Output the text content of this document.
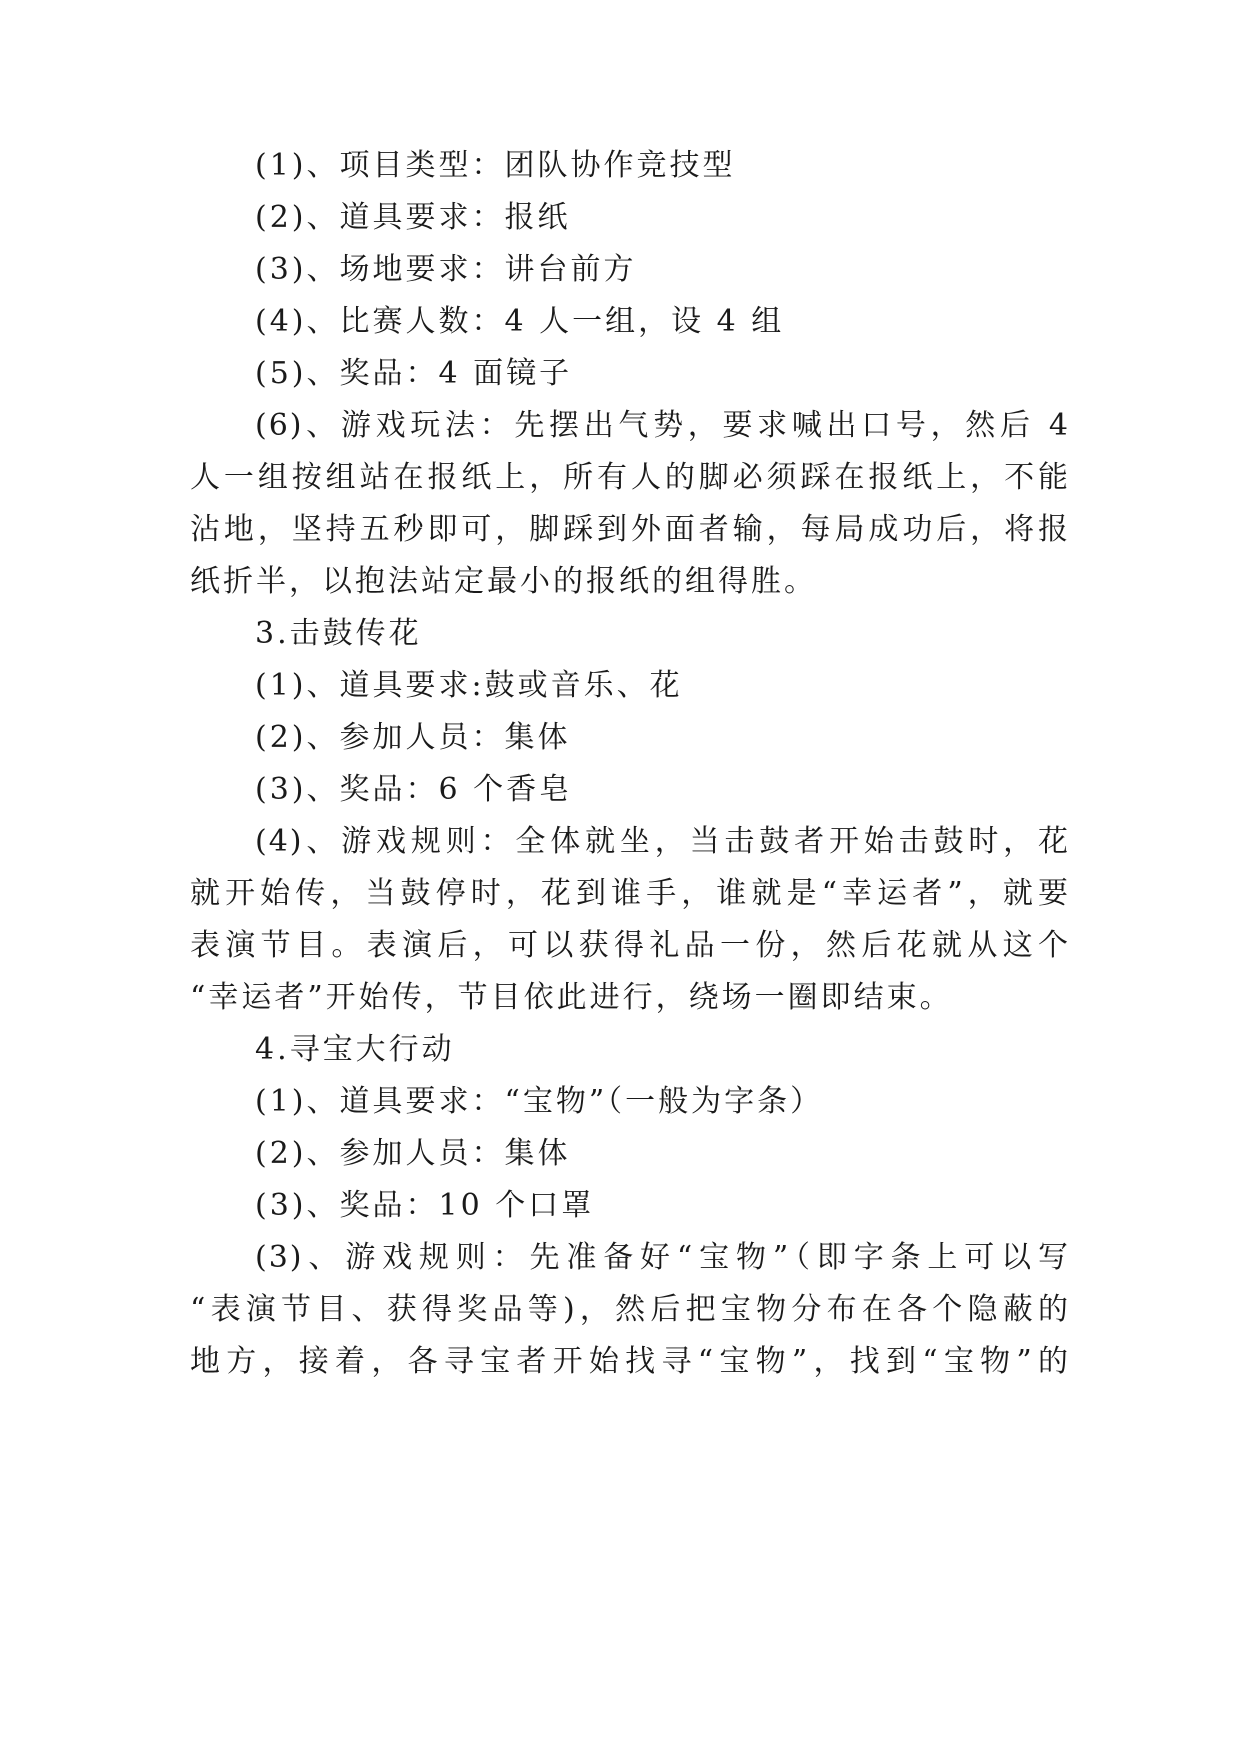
(1)、项目类型：团队协作竞技型
(2)、道具要求：报纸
(3)、场地要求：讲台前方
(4)、比赛人数：4 人一组，设 4 组
(5)、奖品：4 面镜子
(6)、游戏玩法：先摆出气势，要求喊出口号，然后 4
人一组按组站在报纸上，所有人的脚必须踩在报纸上，不能
沾地，坚持五秒即可，脚踩到外面者输，每局成功后，将报
纸折半，以抱法站定最小的报纸的组得胜。
3.击鼓传花
(1)、道具要求:鼓或音乐、花
(2)、参加人员：集体
(3)、奖品：6 个香皂
(4)、游戏规则：全体就坐，当击鼓者开始击鼓时，花
就开始传，当鼓停时，花到谁手，谁就是“幸运者”，就要
表演节目。表演后，可以获得礼品一份，然后花就从这个
“幸运者”开始传，节目依此进行，绕场一圈即结束。
4.寻宝大行动
(1)、道具要求：“宝物”（一般为字条）
(2)、参加人员：集体
(3)、奖品：10 个口罩
(3)、游戏规则：先准备好“宝物”（即字条上可以写
“表演节目、获得奖品等)，然后把宝物分布在各个隐蔽的
地方，接着，各寻宝者开始找寻“宝物”，找到“宝物”的
